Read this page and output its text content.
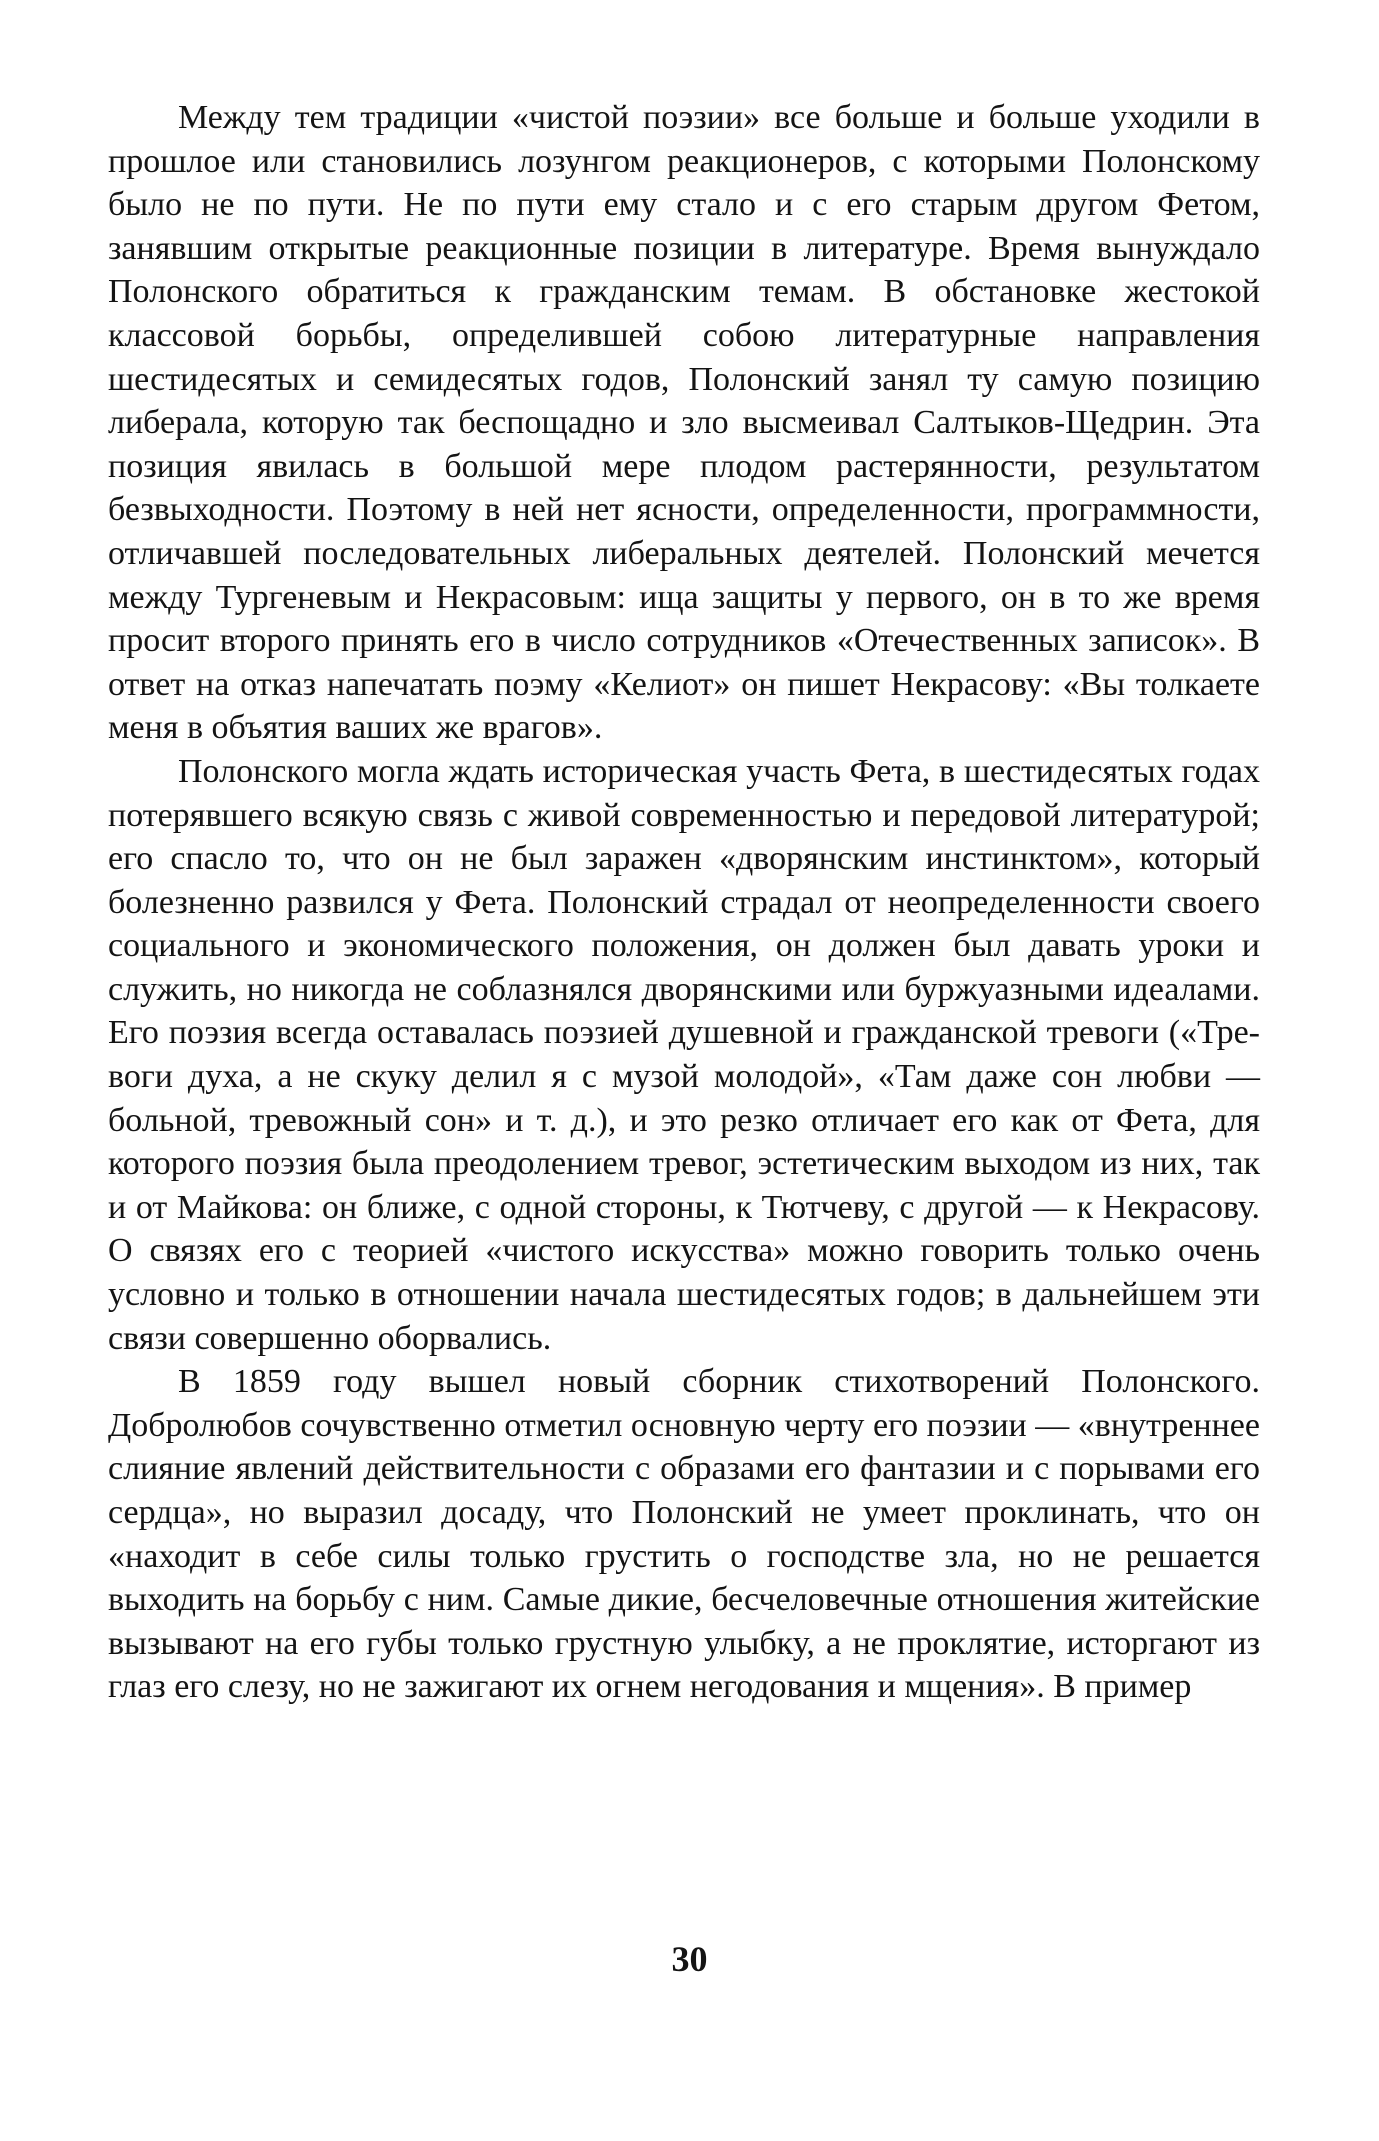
Между тем традиции «чистой поэзии» все больше и больше уходили в прошлое или становились лозунгом реакционеров, с которыми Полонскому было не по пути. Не по пути ему стало и с его старым другом Фетом, занявшим открытые реакционные позиции в литературе. Время вынуждало Полонского обратиться к гражданским темам. В обстановке жестокой классовой борьбы, определившей собою литературные направления шестидесятых и семидесятых годов, Полонский занял ту самую позицию либерала, которую так беспощадно и зло высмеивал Салтыков-Щедрин. Эта позиция явилась в большой мере плодом растерянности, результатом безвыходности. Поэтому в ней нет ясности, определенности, программности, отличавшей последовательных либеральных деятелей. Полонский мечется между Тургеневым и Некрасовым: ища защиты у первого, он в то же время просит второго принять его в число сотрудников «Отечественных записок». В ответ на отказ напечатать поэму «Келиот» он пишет Некрасову: «Вы толкаете меня в объятия ваших же врагов».

Полонского могла ждать историческая участь Фета, в шестидесятых годах потерявшего всякую связь с живой современностью и передовой литературой; его спасло то, что он не был заражен «дворянским инстинктом», который болезненно развился у Фета. Полонский страдал от неопределенности своего социального и экономического положения, он должен был давать уроки и служить, но никогда не соблазнялся дворянскими или буржуазными идеалами. Его поэзия всегда оставалась поэзией душевной и гражданской тревоги («Тревоги духа, а не скуку делил я с музой молодой», «Там даже сон любви — больной, тревожный сон» и т. д.), и это резко отличает его как от Фета, для которого поэзия была преодолением тревог, эстетическим выходом из них, так и от Майкова: он ближе, с одной стороны, к Тютчеву, с другой — к Некрасову. О связях его с теорией «чистого искусства» можно говорить только очень условно и только в отношении начала шестидесятых годов; в дальнейшем эти связи совершенно оборвались.

В 1859 году вышел новый сборник стихотворений Полонского. Добролюбов сочувственно отметил основную черту его поэзии — «внутреннее слияние явлений действительности с образами его фантазии и с порывами его сердца», но выразил досаду, что Полонский не умеет проклинать, что он «находит в себе силы только грустить о господстве зла, но не решается выходить на борьбу с ним. Самые дикие, бесчеловечные отношения житейские вызывают на его губы только грустную улыбку, а не проклятие, исторгают из глаз его слезу, но не зажигают их огнем негодования и мщения». В пример

30
